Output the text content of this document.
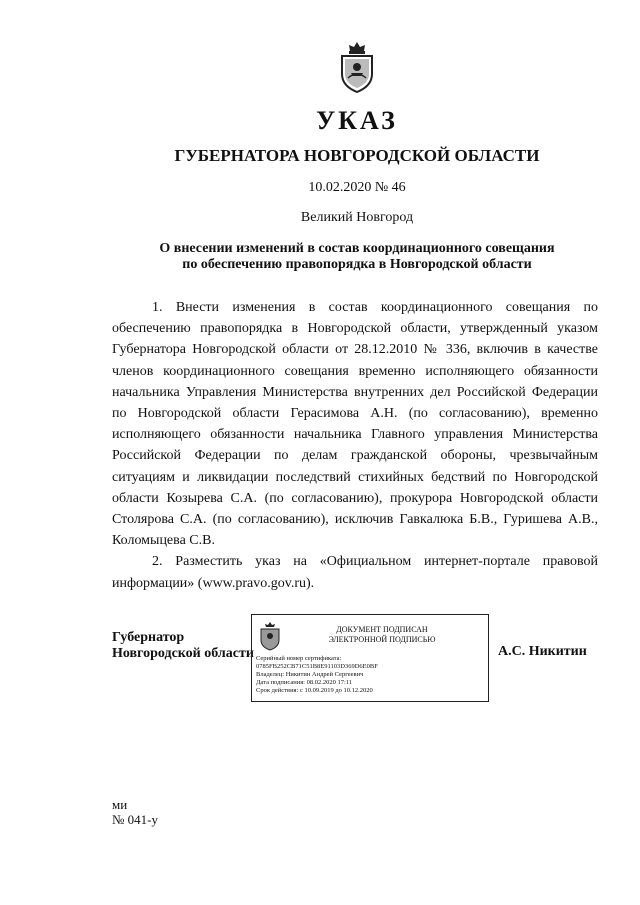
УКАЗ
ГУБЕРНАТОРА НОВГОРОДСКОЙ ОБЛАСТИ
10.02.2020 № 46
Великий Новгород
О внесении изменений в состав координационного совещания
по обеспечению правопорядка в Новгородской области

1. Внести изменения в состав координационного совещания по обеспечению правопорядка в Новгородской области, утвержденный указом Губернатора Новгородской области от 28.12.2010 № 336, включив в качестве членов координационного совещания временно исполняющего обязанности начальника Управления Министерства внутренних дел Российской Федерации по Новгородской области Герасимова А.Н. (по согласованию), временно исполняющего обязанности начальника Главного управления Министерства Российской Федерации по делам гражданской обороны, чрезвычайным ситуациям и ликвидации последствий стихийных бедствий по Новгородской области Козырева С.А. (по согласованию), прокурора Новгородской области Столярова С.А. (по согласованию), исключив Гавкалюка Б.В., Гуришева А.В., Коломыцева С.В.

2. Разместить указ на «Официальном интернет-портале правовой информации» (www.pravo.gov.ru).

Губернатор
Новгородской области
ДОКУМЕНТ ПОДПИСАН
ЭЛЕКТРОННОЙ ПОДПИСЬЮ
Серийный номер сертификата:
0785FB252CB71C51B8E91103D369D6E0BF
Владелец: Никитин Андрей Сергеевич
Дата подписания: 08.02.2020 17:11
Срок действия: с 10.09.2019 до 10.12.2020
А.С. Никитин
ми
№ 041-у
